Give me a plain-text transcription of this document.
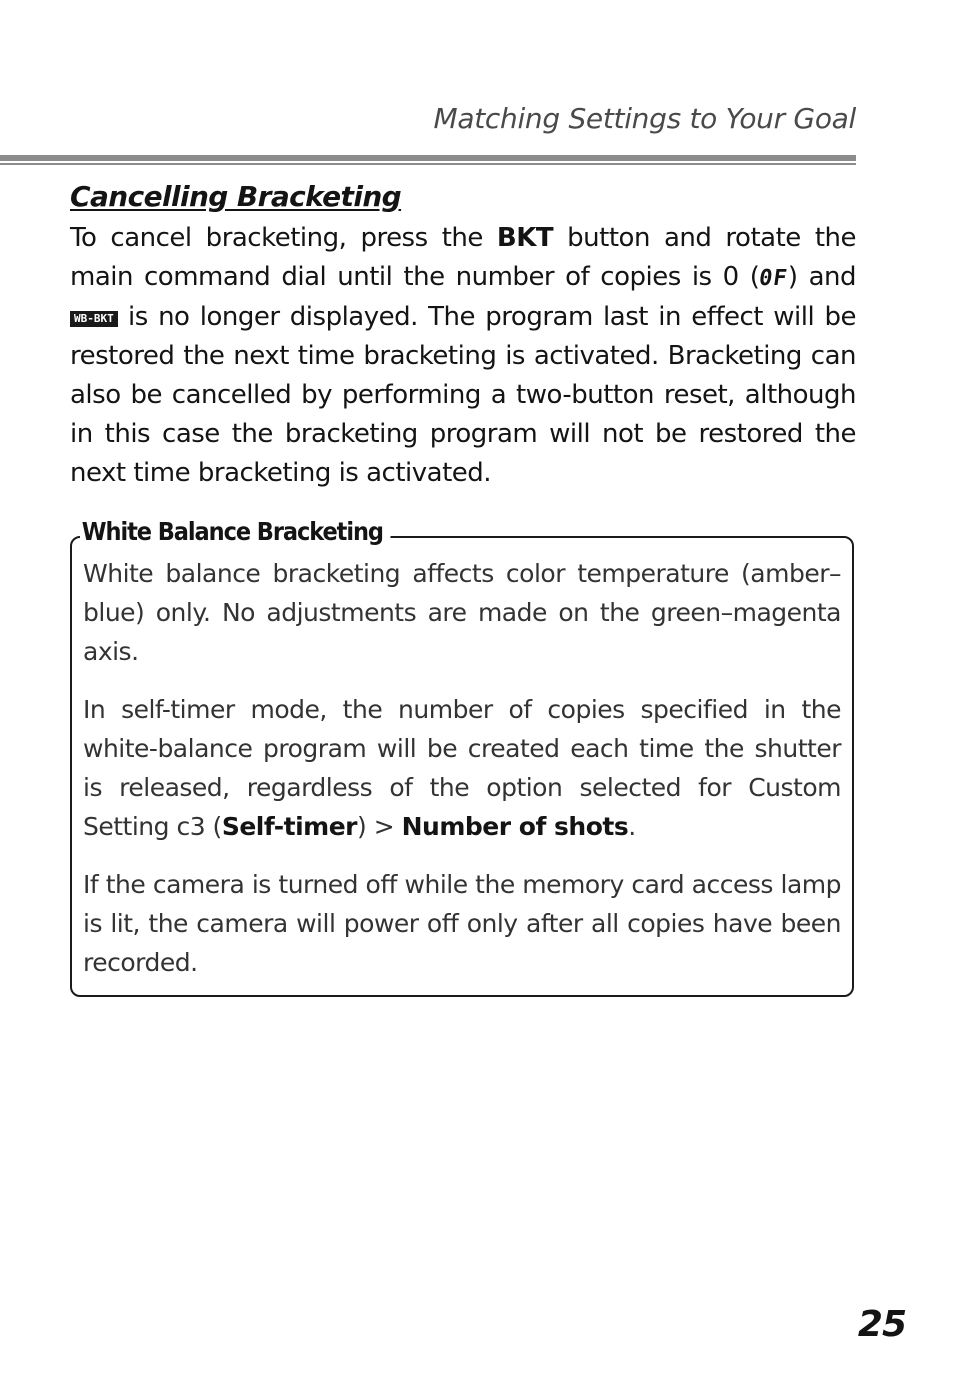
Matching Settings to Your Goal
Cancelling Bracketing

To cancel bracketing, press the BKT button and rotate the main command dial until the number of copies is 0 (0F) and WB-BKT is no longer displayed. The program last in effect will be restored the next time bracketing is activated. Bracketing can also be cancelled by performing a two-button reset, although in this case the bracketing program will not be restored the next time bracketing is activated.

White Balance Bracketing

White balance bracketing affects color temperature (amber–blue) only. No adjustments are made on the green–magenta axis.

In self-timer mode, the number of copies specified in the white-balance program will be created each time the shutter is released, regardless of the option selected for Custom Setting c3 (Self-timer) > Number of shots.

If the camera is turned off while the memory card access lamp is lit, the camera will power off only after all copies have been recorded.

25
